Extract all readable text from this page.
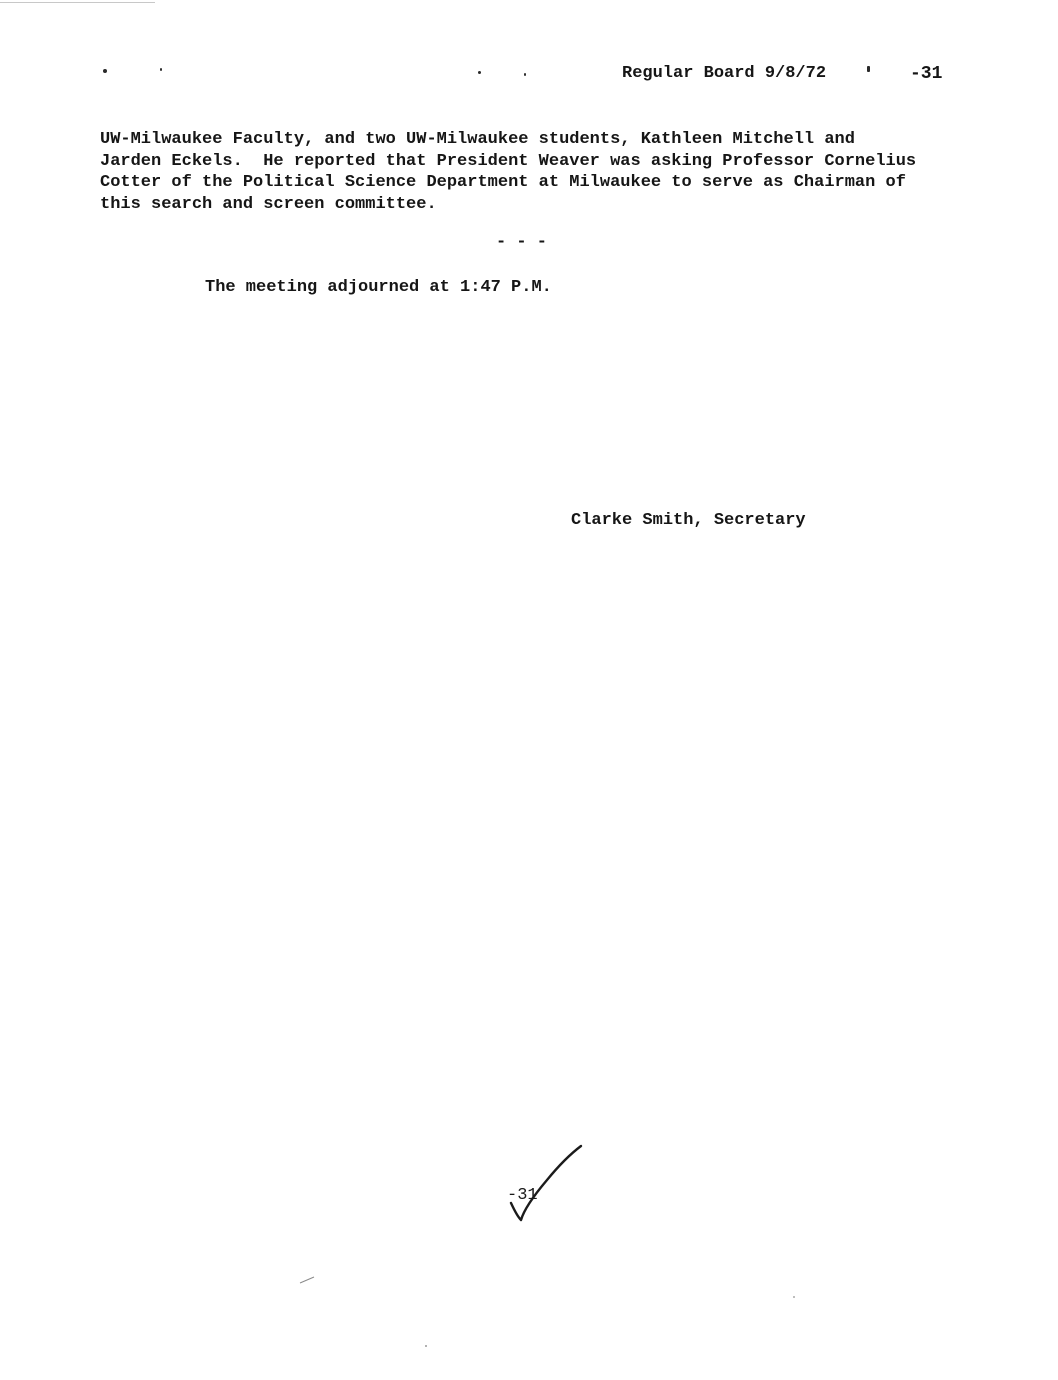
Regular Board 9/8/72	-31
UW-Milwaukee Faculty, and two UW-Milwaukee students, Kathleen Mitchell and
Jarden Eckels.  He reported that President Weaver was asking Professor Cornelius
Cotter of the Political Science Department at Milwaukee to serve as Chairman of
this search and screen committee.
- - -
The meeting adjourned at 1:47 P.M.
Clarke Smith, Secretary
-31
